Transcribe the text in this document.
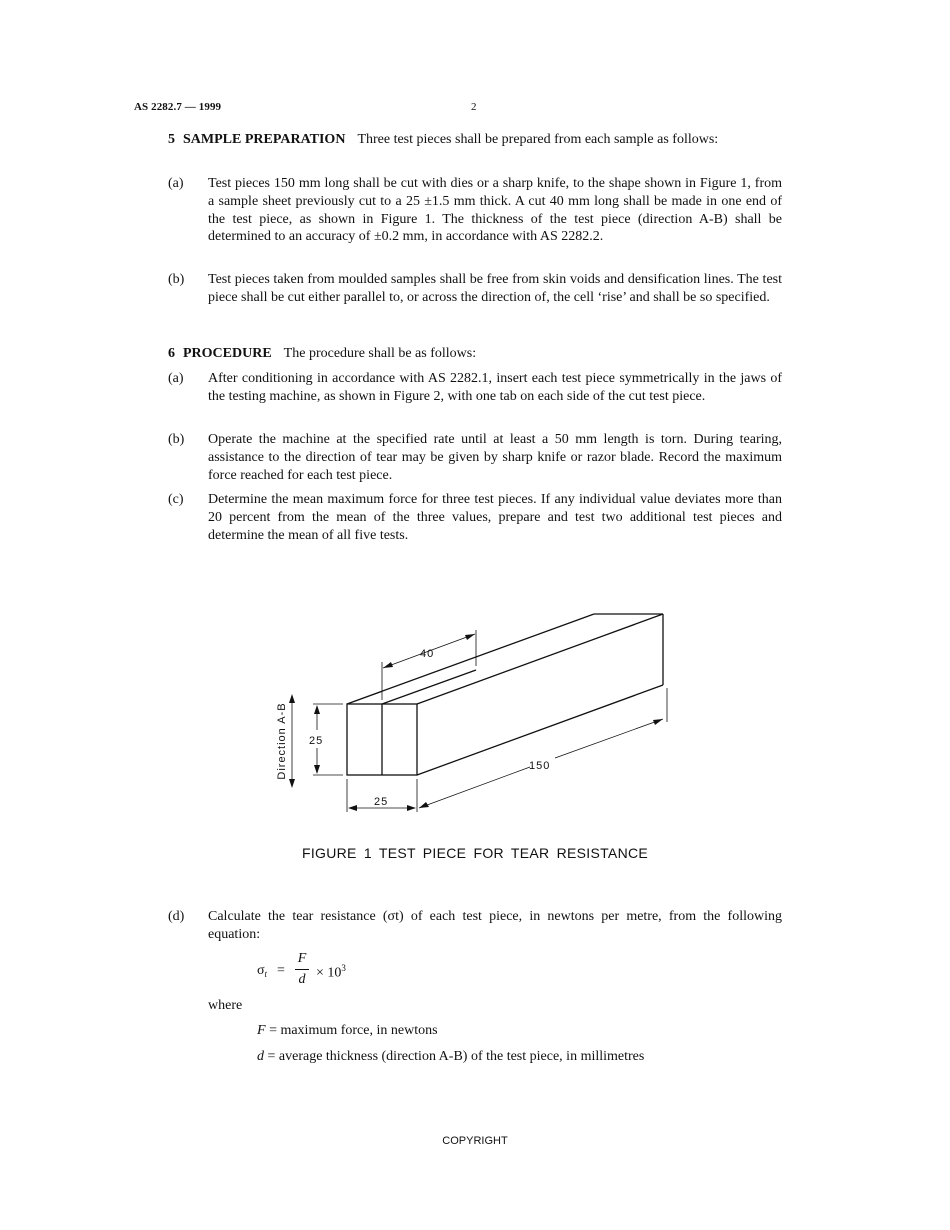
AS 2282.7 — 1999	2
5 SAMPLE PREPARATION Three test pieces shall be prepared from each sample as follows:
(a) Test pieces 150 mm long shall be cut with dies or a sharp knife, to the shape shown in Figure 1, from a sample sheet previously cut to a 25 ±1.5 mm thick. A cut 40 mm long shall be made in one end of the test piece, as shown in Figure 1. The thickness of the test piece (direction A-B) shall be determined to an accuracy of ±0.2 mm, in accordance with AS 2282.2.
(b) Test pieces taken from moulded samples shall be free from skin voids and densification lines. The test piece shall be cut either parallel to, or across the direction of, the cell ‘rise’ and shall be so specified.
6 PROCEDURE The procedure shall be as follows:
(a) After conditioning in accordance with AS 2282.1, insert each test piece symmetrically in the jaws of the testing machine, as shown in Figure 2, with one tab on each side of the cut test piece.
(b) Operate the machine at the specified rate until at least a 50 mm length is torn. During tearing, assistance to the direction of tear may be given by sharp knife or razor blade. Record the maximum force reached for each test piece.
(c) Determine the mean maximum force for three test pieces. If any individual value deviates more than 20 percent from the mean of the three values, prepare and test two additional test pieces and determine the mean of all five tests.
40
25
25
150
Direction A-B
FIGURE 1 TEST PIECE FOR TEAR RESISTANCE
(d) Calculate the tear resistance (σt) of each test piece, in newtons per metre, from the following equation:
$\sigma_t$ =
F
$d \times 10^3$
where
F = maximum force, in newtons
d = average thickness (direction A-B) of the test piece, in millimetres
COPYRIGHT
